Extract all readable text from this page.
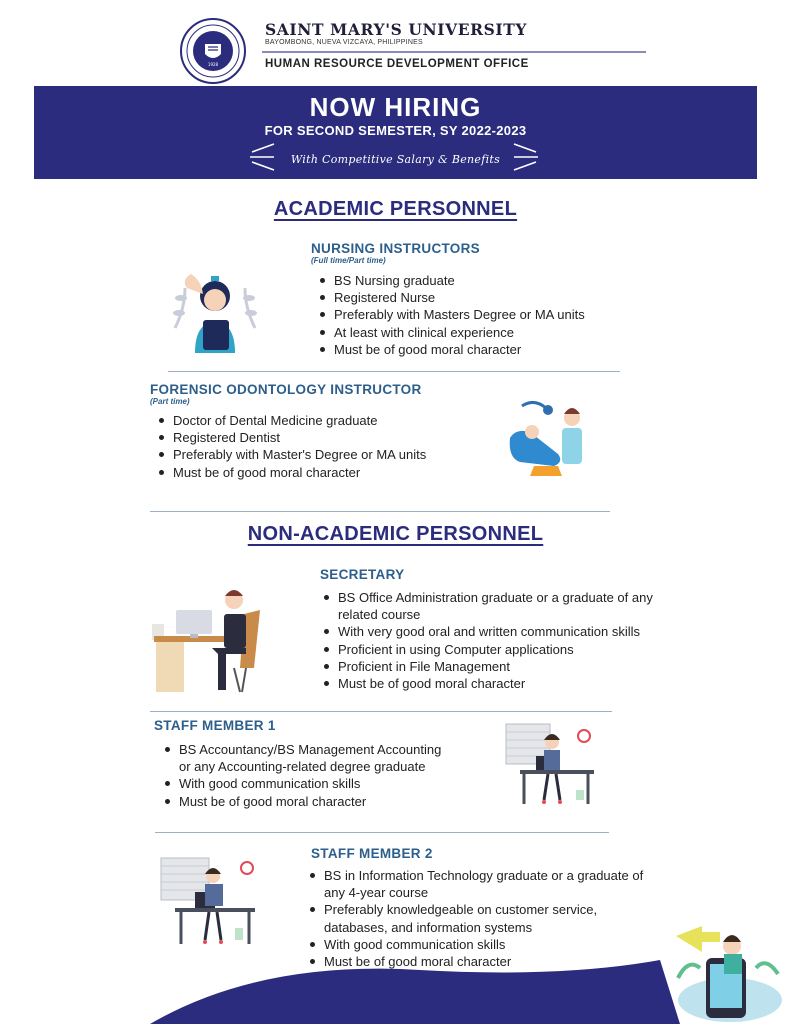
1928
SAINT MARY'S UNIVERSITY
BAYOMBONG, NUEVA VIZCAYA, PHILIPPINES
HUMAN RESOURCE DEVELOPMENT OFFICE
NOW HIRING
FOR SECOND SEMESTER, SY 2022-2023
With Competitive Salary & Benefits
ACADEMIC PERSONNEL
NURSING INSTRUCTORS
(Full time/Part time)
BS Nursing graduate
Registered Nurse
Preferably with Masters Degree or MA units
At least with clinical experience
Must be of good moral character
FORENSIC ODONTOLOGY INSTRUCTOR
(Part time)
Doctor of Dental Medicine graduate
Registered Dentist
Preferably with Master's Degree or MA units
Must be of good moral character
NON-ACADEMIC PERSONNEL
SECRETARY
BS Office Administration graduate or a graduate of any related course
With very good oral and written communication skills
Proficient in using Computer applications
Proficient in File Management
Must be of good moral character
STAFF MEMBER 1
BS Accountancy/BS Management Accounting or any Accounting-related degree graduate
With good communication skills
Must be of good moral character
STAFF MEMBER 2
BS in Information Technology graduate or a graduate of any 4-year course
Preferably knowledgeable on customer service, databases, and information systems
With good communication skills
Must be of good moral character
